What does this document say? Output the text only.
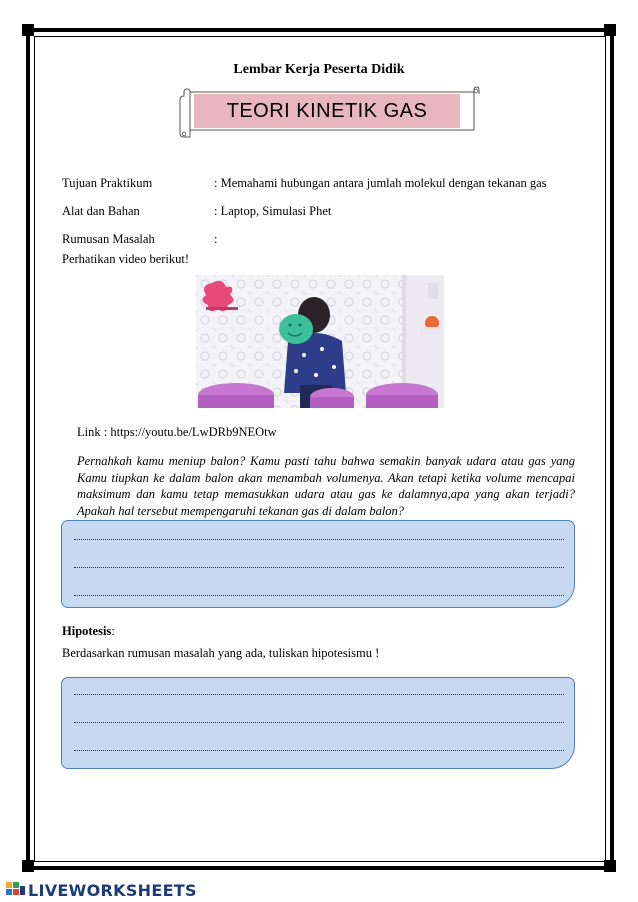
Lembar Kerja Peserta Didik
TEORI KINETIK GAS
Tujuan Praktikum	: Memahami hubungan antara jumlah molekul dengan tekanan gas
Alat dan Bahan	: Laptop, Simulasi Phet
Rumusan Masalah	:
Perhatikan video berikut!
Link : https://youtu.be/LwDRb9NEOtw
Pernahkah kamu meniup balon? Kamu pasti tahu bahwa semakin banyak udara atau gas yang Kamu tiupkan ke dalam balon akan menambah volumenya. Akan tetapi ketika volume mencapai maksimum dan kamu tetap memasukkan udara atau gas ke dalamnya,apa yang akan terjadi? Apakah hal tersebut mempengaruhi tekanan gas di dalam balon?
Hipotesis:
Berdasarkan rumusan masalah yang ada, tuliskan hipotesismu !
LIVEWORKSHEETS
